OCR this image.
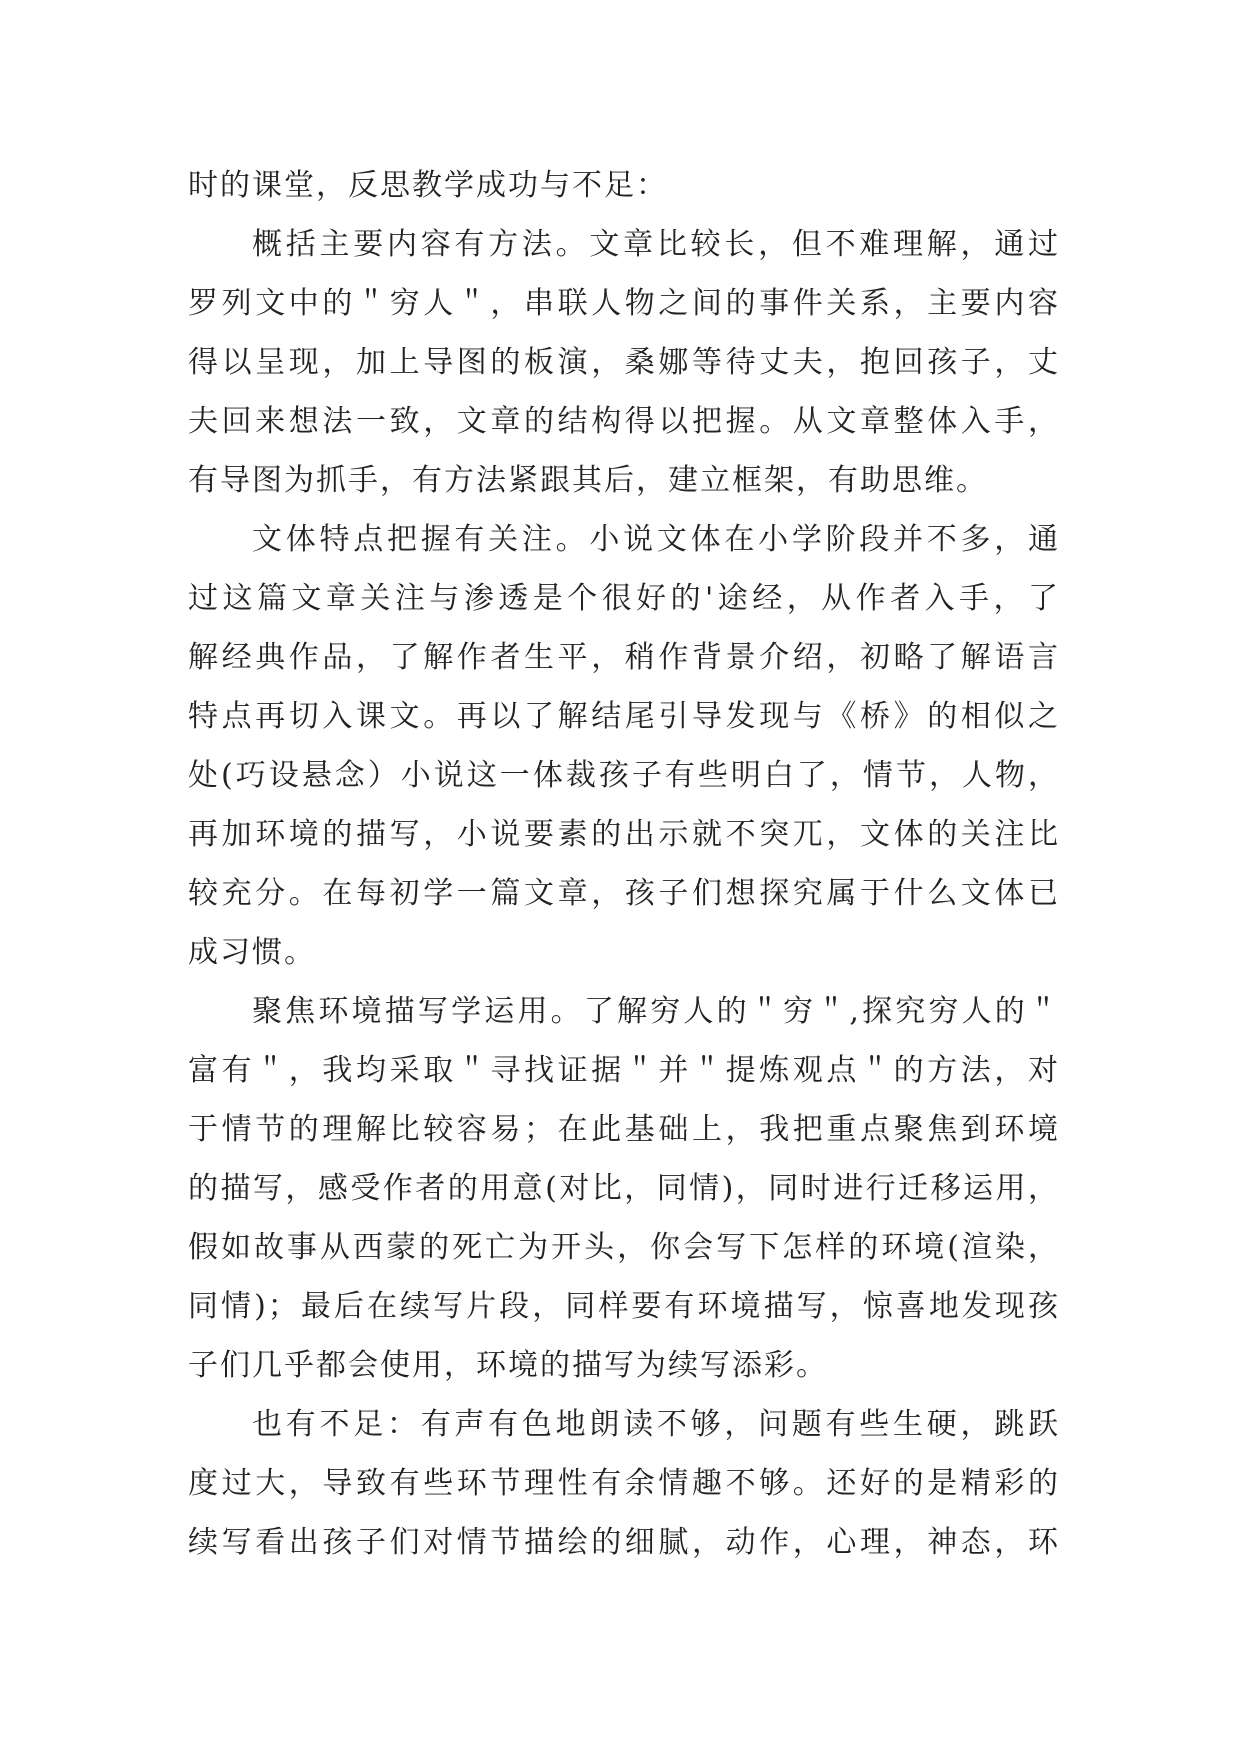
时的课堂，反思教学成功与不足：
概括主要内容有方法。文章比较长，但不难理解，通过
罗列文中的＂穷人＂，串联人物之间的事件关系，主要内容
得以呈现，加上导图的板演，桑娜等待丈夫，抱回孩子，丈
夫回来想法一致，文章的结构得以把握。从文章整体入手，
有导图为抓手，有方法紧跟其后，建立框架，有助思维。
文体特点把握有关注。小说文体在小学阶段并不多，通
过这篇文章关注与渗透是个很好的'途经，从作者入手，了
解经典作品，了解作者生平，稍作背景介绍，初略了解语言
特点再切入课文。再以了解结尾引导发现与《桥》的相似之
处(巧设悬念）小说这一体裁孩子有些明白了，情节，人物，
再加环境的描写，小说要素的出示就不突兀，文体的关注比
较充分。在每初学一篇文章，孩子们想探究属于什么文体已
成习惯。
聚焦环境描写学运用。了解穷人的＂穷＂,探究穷人的＂
富有＂，我均采取＂寻找证据＂并＂提炼观点＂的方法，对
于情节的理解比较容易；在此基础上，我把重点聚焦到环境
的描写，感受作者的用意(对比，同情)，同时进行迁移运用，
假如故事从西蒙的死亡为开头，你会写下怎样的环境(渲染，
同情)；最后在续写片段，同样要有环境描写，惊喜地发现孩
子们几乎都会使用，环境的描写为续写添彩。
也有不足：有声有色地朗读不够，问题有些生硬，跳跃
度过大，导致有些环节理性有余情趣不够。还好的是精彩的
续写看出孩子们对情节描绘的细腻，动作，心理，神态，环
